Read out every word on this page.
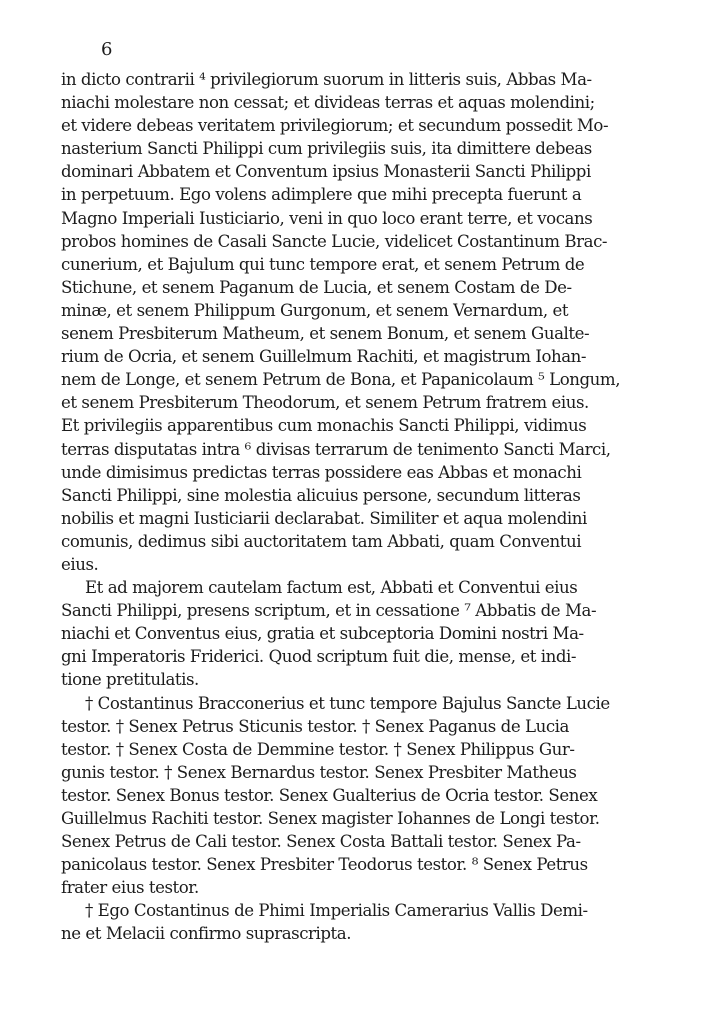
6
in dicto contrarii ⁴ privilegiorum suorum in litteris suis, Abbas Ma-
niachi molestare non cessat; et divideas terras et aquas molendini;
et videre debeas veritatem privilegiorum; et secundum possedit Mo-
nasterium Sancti Philippi cum privilegiis suis, ita dimittere debeas
dominari Abbatem et Conventum ipsius Monasterii Sancti Philippi
in perpetuum. Ego volens adimplere que mihi precepta fuerunt a
Magno Imperiali Iusticiario, veni in quo loco erant terre, et vocans
probos homines de Casali Sancte Lucie, videlicet Costantinum Brac-
cunerium, et Bajulum qui tunc tempore erat, et senem Petrum de
Stichune, et senem Paganum de Lucia, et senem Costam de De-
minæ, et senem Philippum Gurgonum, et senem Vernardum, et
senem Presbiterum Matheum, et senem Bonum, et senem Gualte-
rium de Ocria, et senem Guillelmum Rachiti, et magistrum Iohan-
nem de Longe, et senem Petrum de Bona, et Papanicolaum ⁵ Longum,
et senem Presbiterum Theodorum, et senem Petrum fratrem eius.
Et privilegiis apparentibus cum monachis Sancti Philippi, vidimus
terras disputatas intra ⁶ divisas terrarum de tenimento Sancti Marci,
unde dimisimus predictas terras possidere eas Abbas et monachi
Sancti Philippi, sine molestia alicuius persone, secundum litteras
nobilis et magni Iusticiarii declarabat. Similiter et aqua molendini
comunis, dedimus sibi auctoritatem tam Abbati, quam Conventui
eius.
Et ad majorem cautelam factum est, Abbati et Conventui eius
Sancti Philippi, presens scriptum, et in cessatione ⁷ Abbatis de Ma-
niachi et Conventus eius, gratia et subceptoria Domini nostri Ma-
gni Imperatoris Friderici. Quod scriptum fuit die, mense, et indi-
tione pretitulatis.
† Costantinus Bracconerius et tunc tempore Bajulus Sancte Lucie
testor. † Senex Petrus Sticunis testor. † Senex Paganus de Lucia
testor. † Senex Costa de Demmine testor. † Senex Philippus Gur-
gunis testor. † Senex Bernardus testor. Senex Presbiter Matheus
testor. Senex Bonus testor. Senex Gualterius de Ocria testor. Senex
Guillelmus Rachiti testor. Senex magister Iohannes de Longi testor.
Senex Petrus de Cali testor. Senex Costa Battali testor. Senex Pa-
panicolaus testor. Senex Presbiter Teodorus testor. ⁸ Senex Petrus
frater eius testor.
† Ego Costantinus de Phimi Imperialis Camerarius Vallis Demi-
ne et Melacii confirmo suprascripta.
